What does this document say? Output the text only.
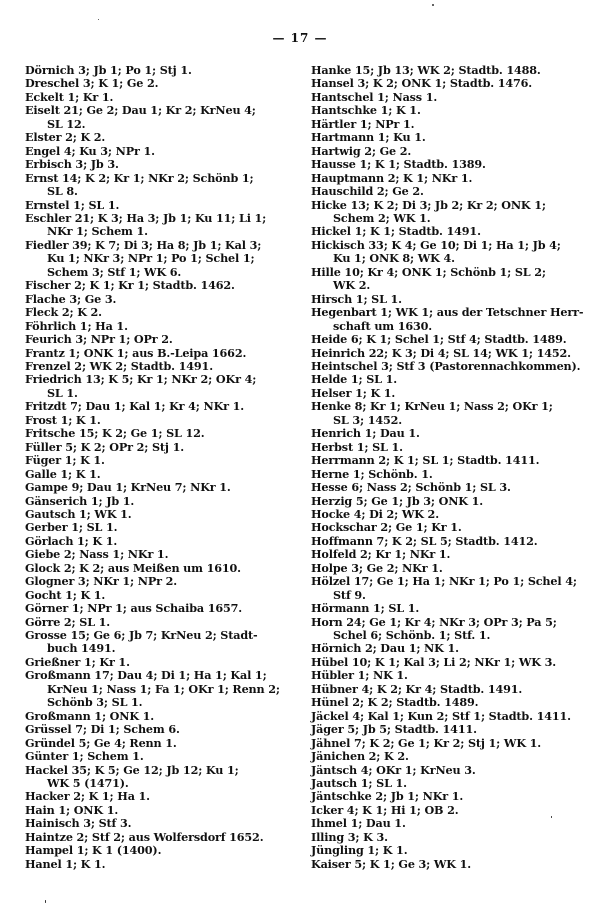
— 17 —
Dörnich 3; Jb 1; Po 1; Stj 1.
Dreschel 3; K 1; Ge 2.
Eckelt 1; Kr 1.
Eiselt 21; Ge 2; Dau 1; Kr 2; KrNeu 4;
SL 12.
Elster 2; K 2.
Engel 4; Ku 3; NPr 1.
Erbisch 3; Jb 3.
Ernst 14; K 2; Kr 1; NKr 2; Schönb 1;
SL 8.
Ernstel 1; SL 1.
Eschler 21; K 3; Ha 3; Jb 1; Ku 11; Li 1;
NKr 1; Schem 1.
Fiedler 39; K 7; Di 3; Ha 8; Jb 1; Kal 3;
Ku 1; NKr 3; NPr 1; Po 1; Schel 1;
Schem 3; Stf 1; WK 6.
Fischer 2; K 1; Kr 1; Stadtb. 1462.
Flache 3; Ge 3.
Fleck 2; K 2.
Föhrlich 1; Ha 1.
Feurich 3; NPr 1; OPr 2.
Frantz 1; ONK 1; aus B.-Leipa 1662.
Frenzel 2; WK 2; Stadtb. 1491.
Friedrich 13; K 5; Kr 1; NKr 2; OKr 4;
SL 1.
Fritzdt 7; Dau 1; Kal 1; Kr 4; NKr 1.
Frost 1; K 1.
Fritsche 15; K 2; Ge 1; SL 12.
Füller 5; K 2; OPr 2; Stj 1.
Füger 1; K 1.
Galle 1; K 1.
Gampe 9; Dau 1; KrNeu 7; NKr 1.
Gänserich 1; Jb 1.
Gautsch 1; WK 1.
Gerber 1; SL 1.
Görlach 1; K 1.
Giebe 2; Nass 1; NKr 1.
Glock 2; K 2; aus Meißen um 1610.
Glogner 3; NKr 1; NPr 2.
Gocht 1; K 1.
Görner 1; NPr 1; aus Schaiba 1657.
Görre 2; SL 1.
Grosse 15; Ge 6; Jb 7; KrNeu 2; Stadt-
buch 1491.
Grießner 1; Kr 1.
Großmann 17; Dau 4; Di 1; Ha 1; Kal 1;
KrNeu 1; Nass 1; Fa 1; OKr 1; Renn 2;
Schönb 3; SL 1.
Großmann 1; ONK 1.
Grüssel 7; Di 1; Schem 6.
Gründel 5; Ge 4; Renn 1.
Günter 1; Schem 1.
Hackel 35; K 5; Ge 12; Jb 12; Ku 1;
WK 5 (1471).
Hacker 2; K 1; Ha 1.
Hain 1; ONK 1.
Hainisch 3; Stf 3.
Haintze 2; Stf 2; aus Wolfersdorf 1652.
Hampel 1; K 1 (1400).
Hanel 1; K 1.
Hanke 15; Jb 13; WK 2; Stadtb. 1488.
Hansel 3; K 2; ONK 1; Stadtb. 1476.
Hantschel 1; Nass 1.
Hantschke 1; K 1.
Härtler 1; NPr 1.
Hartmann 1; Ku 1.
Hartwig 2; Ge 2.
Hausse 1; K 1; Stadtb. 1389.
Hauptmann 2; K 1; NKr 1.
Hauschild 2; Ge 2.
Hicke 13; K 2; Di 3; Jb 2; Kr 2; ONK 1;
Schem 2; WK 1.
Hickel 1; K 1; Stadtb. 1491.
Hickisch 33; K 4; Ge 10; Di 1; Ha 1; Jb 4;
Ku 1; ONK 8; WK 4.
Hille 10; Kr 4; ONK 1; Schönb 1; SL 2;
WK 2.
Hirsch 1; SL 1.
Hegenbart 1; WK 1; aus der Tetschner Herr-
schaft um 1630.
Heide 6; K 1; Schel 1; Stf 4; Stadtb. 1489.
Heinrich 22; K 3; Di 4; SL 14; WK 1; 1452.
Heintschel 3; Stf 3 (Pastorennachkommen).
Helde 1; SL 1.
Helser 1; K 1.
Henke 8; Kr 1; KrNeu 1; Nass 2; OKr 1;
SL 3; 1452.
Henrich 1; Dau 1.
Herbst 1; SL 1.
Herrmann 2; K 1; SL 1; Stadtb. 1411.
Herne 1; Schönb. 1.
Hesse 6; Nass 2; Schönb 1; SL 3.
Herzig 5; Ge 1; Jb 3; ONK 1.
Hocke 4; Di 2; WK 2.
Hockschar 2; Ge 1; Kr 1.
Hoffmann 7; K 2; SL 5; Stadtb. 1412.
Holfeld 2; Kr 1; NKr 1.
Holpe 3; Ge 2; NKr 1.
Hölzel 17; Ge 1; Ha 1; NKr 1; Po 1; Schel 4;
Stf 9.
Hörmann 1; SL 1.
Horn 24; Ge 1; Kr 4; NKr 3; OPr 3; Pa 5;
Schel 6; Schönb. 1; Stf. 1.
Hörnich 2; Dau 1; NK 1.
Hübel 10; K 1; Kal 3; Li 2; NKr 1; WK 3.
Hübler 1; NK 1.
Hübner 4; K 2; Kr 4; Stadtb. 1491.
Hünel 2; K 2; Stadtb. 1489.
Jäckel 4; Kal 1; Kun 2; Stf 1; Stadtb. 1411.
Jäger 5; Jb 5; Stadtb. 1411.
Jähnel 7; K 2; Ge 1; Kr 2; Stj 1; WK 1.
Jänichen 2; K 2.
Jäntsch 4; OKr 1; KrNeu 3.
Jautsch 1; SL 1.
Jäntschke 2; Jb 1; NKr 1.
Icker 4; K 1; Hi 1; OB 2.
Ihmel 1; Dau 1.
Illing 3; K 3.
Jüngling 1; K 1.
Kaiser 5; K 1; Ge 3; WK 1.
